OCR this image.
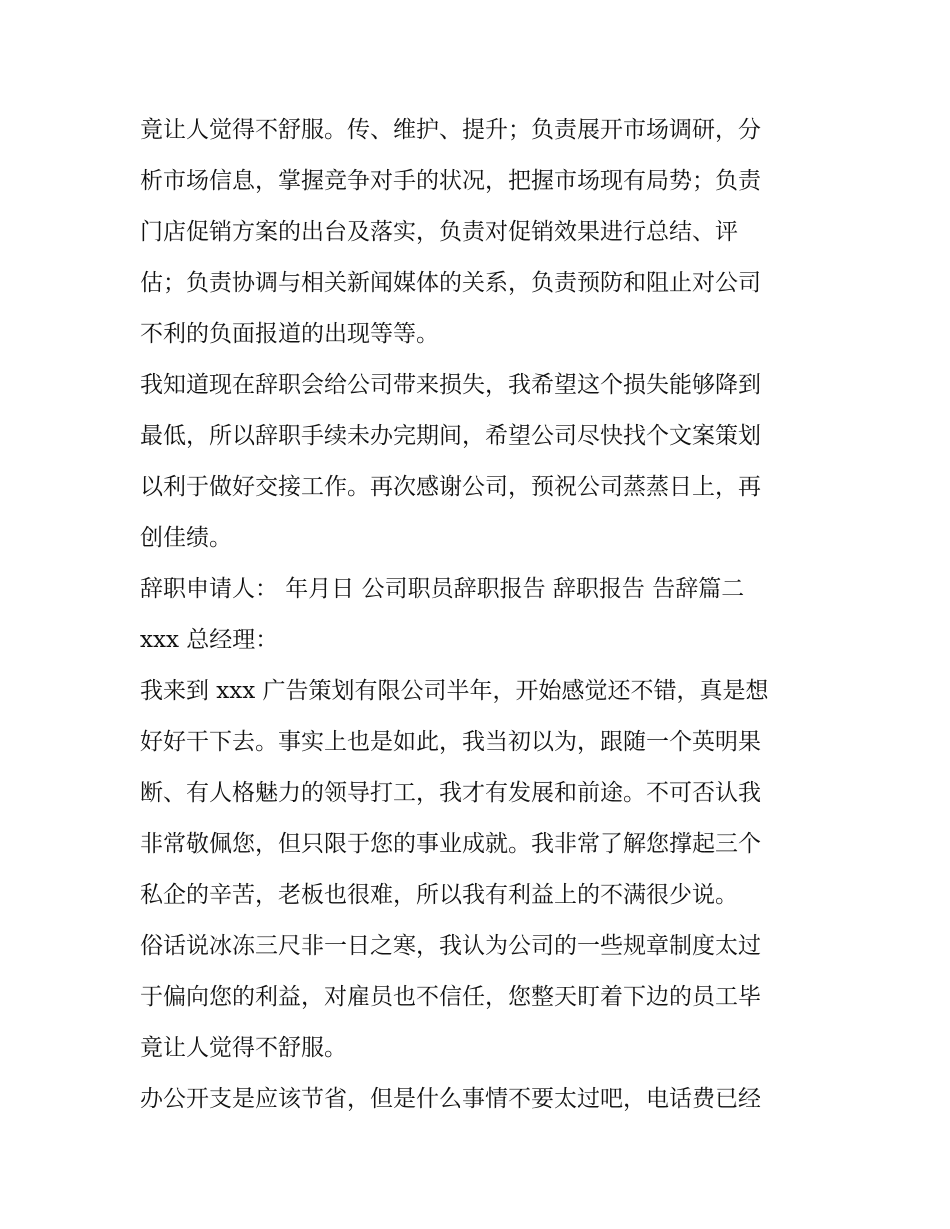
竟让人觉得不舒服。传、维护、提升；负责展开市场调研，分
析市场信息，掌握竞争对手的状况，把握市场现有局势；负责
门店促销方案的出台及落实，负责对促销效果进行总结、评
估；负责协调与相关新闻媒体的关系，负责预防和阻止对公司
不利的负面报道的出现等等。
我知道现在辞职会给公司带来损失，我希望这个损失能够降到
最低，所以辞职手续未办完期间，希望公司尽快找个文案策划
以利于做好交接工作。再次感谢公司，预祝公司蒸蒸日上，再
创佳绩。
辞职申请人： 年月日 公司职员辞职报告 辞职报告 告辞篇二
xxx 总经理：
我来到 xxx 广告策划有限公司半年，开始感觉还不错，真是想
好好干下去。事实上也是如此，我当初以为，跟随一个英明果
断、有人格魅力的领导打工，我才有发展和前途。不可否认我
非常敬佩您，但只限于您的事业成就。我非常了解您撑起三个
私企的辛苦，老板也很难，所以我有利益上的不满很少说。
俗话说冰冻三尺非一日之寒，我认为公司的一些规章制度太过
于偏向您的利益，对雇员也不信任，您整天盯着下边的员工毕
竟让人觉得不舒服。
办公开支是应该节省，但是什么事情不要太过吧，电话费已经
